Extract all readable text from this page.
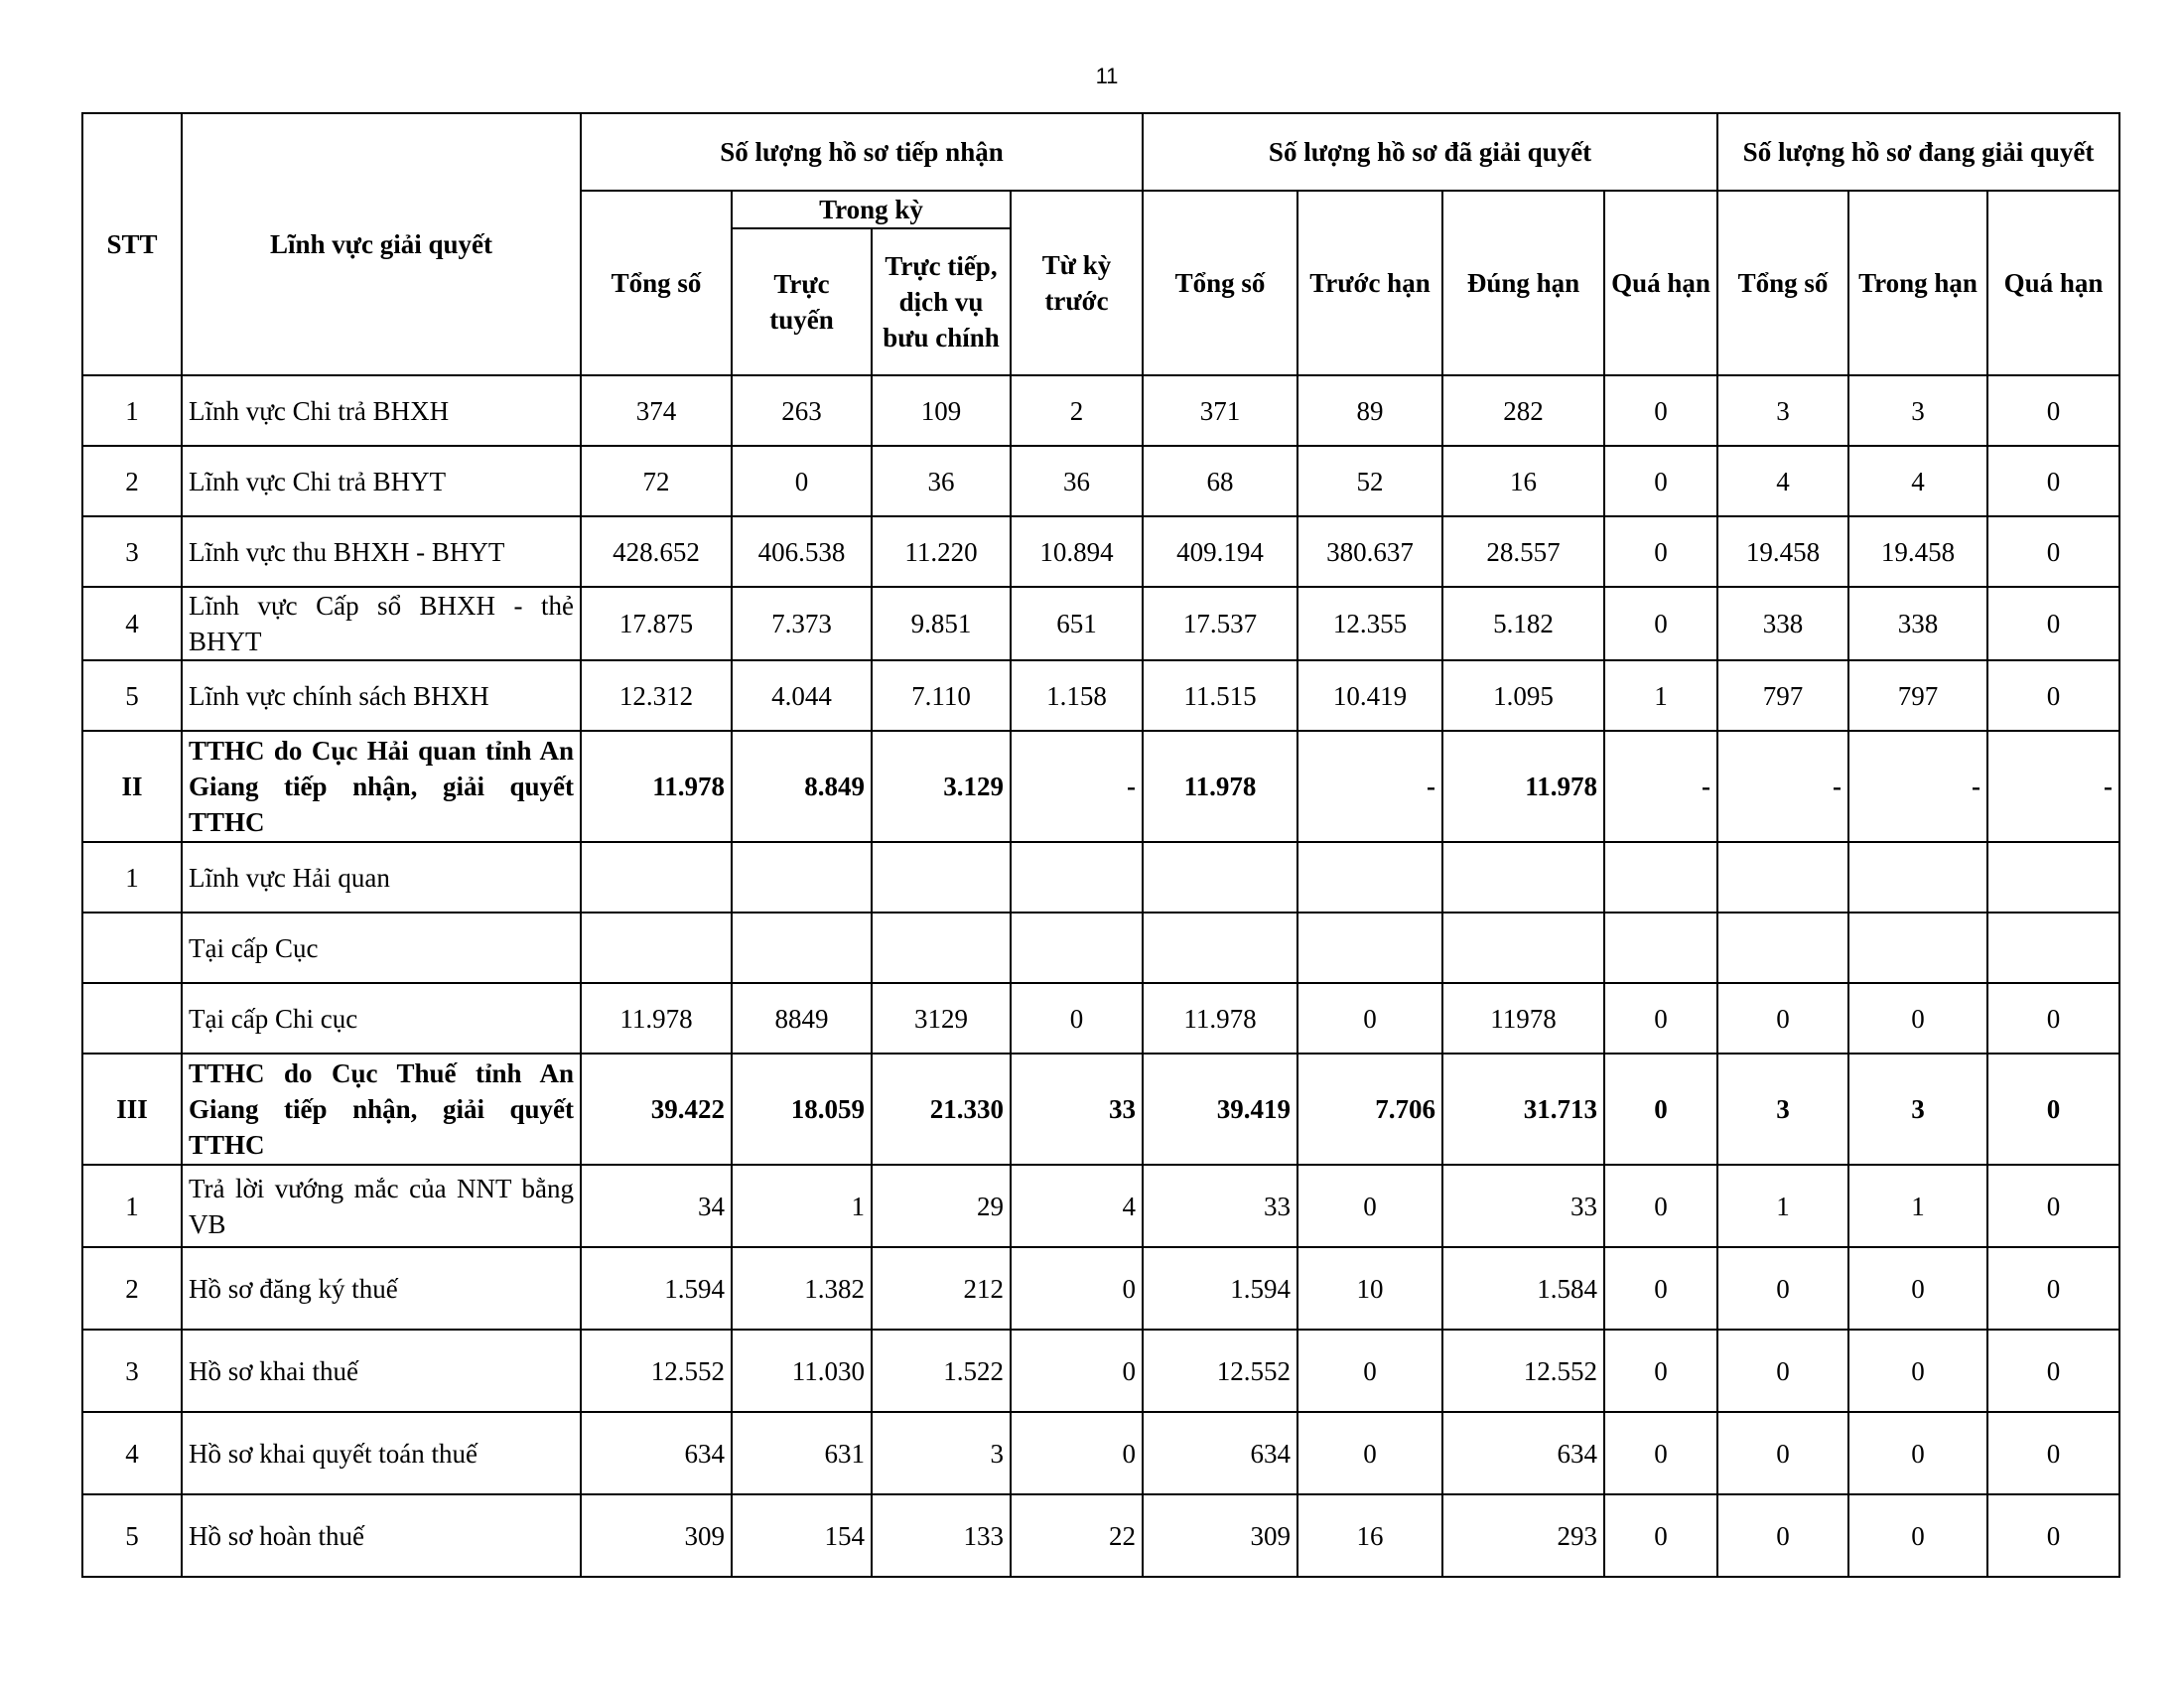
11
STT	Lĩnh vực giải quyết	Số lượng hồ sơ tiếp nhận				Số lượng hồ sơ đã giải quyết				Số lượng hồ sơ đang giải quyết		
		Tổng số	Trong kỳ		Từ kỳ trước	Tổng số	Trước hạn	Đúng hạn	Quá hạn	Tổng số	Trong hạn	Quá hạn
			Trực tuyến	Trực tiếp, dịch vụ bưu chính								
1	Lĩnh vực Chi trả BHXH	374	263	109	2	371	89	282	0	3	3	0
2	Lĩnh vực Chi trả BHYT	72	0	36	36	68	52	16	0	4	4	0
3	Lĩnh vực thu BHXH - BHYT	428.652	406.538	11.220	10.894	409.194	380.637	28.557	0	19.458	19.458	0
4	Lĩnh vực Cấp sổ BHXH - thẻ BHYT	17.875	7.373	9.851	651	17.537	12.355	5.182	0	338	338	0
5	Lĩnh vực chính sách BHXH	12.312	4.044	7.110	1.158	11.515	10.419	1.095	1	797	797	0
II	TTHC do Cục Hải quan tỉnh An Giang tiếp nhận, giải quyết TTHC	11.978	8.849	3.129	-	11.978	-	11.978	-	-	-	-
1	Lĩnh vực Hải quan											
	Tại cấp Cục											
	Tại cấp Chi cục	11.978	8849	3129	0	11.978	0	11978	0	0	0	0
III	TTHC do Cục Thuế tỉnh An Giang tiếp nhận, giải quyết TTHC	39.422	18.059	21.330	33	39.419	7.706	31.713	0	3	3	0
1	Trả lời vướng mắc của NNT bằng VB	34	1	29	4	33	0	33	0	1	1	0
2	Hồ sơ đăng ký thuế	1.594	1.382	212	0	1.594	10	1.584	0	0	0	0
3	Hồ sơ khai thuế	12.552	11.030	1.522	0	12.552	0	12.552	0	0	0	0
4	Hồ sơ khai quyết toán thuế	634	631	3	0	634	0	634	0	0	0	0
5	Hồ sơ hoàn thuế	309	154	133	22	309	16	293	0	0	0	0
